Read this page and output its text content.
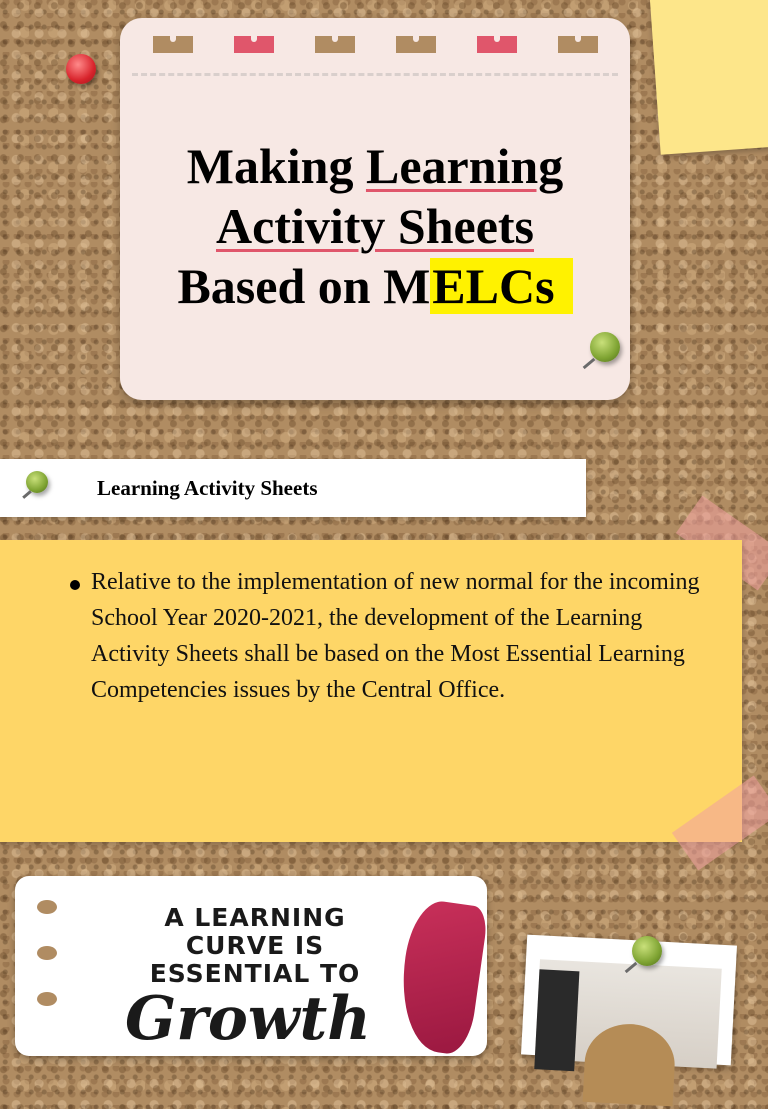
Making Learning
Activity Sheets
Based on MELCs
Learning Activity Sheets
Relative to the implementation of new normal for the incoming School Year 2020-2021, the development of the Learning Activity Sheets shall be based on the Most Essential Learning Competencies issues by the Central Office.
A LEARNING
CURVE IS
ESSENTIAL TO
Growth
